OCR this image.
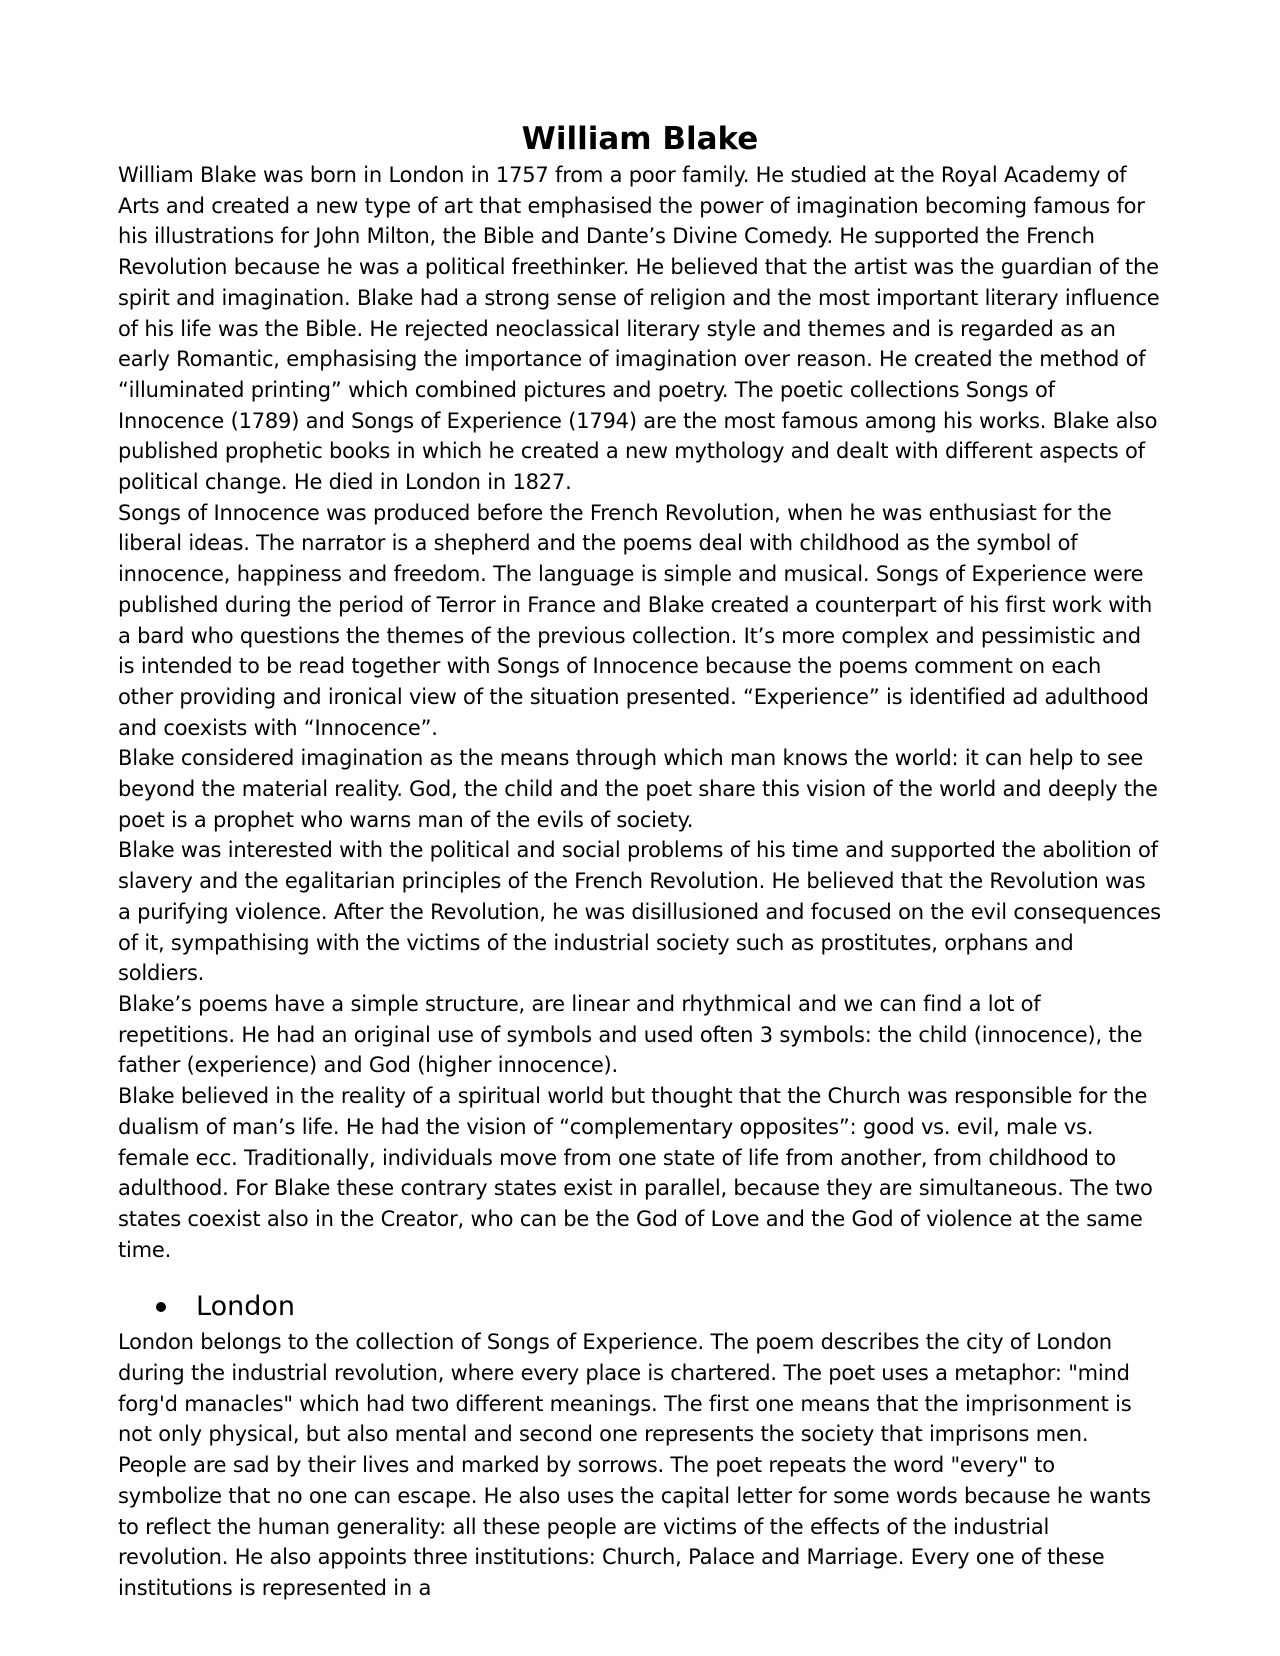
William Blake

William Blake was born in London in 1757 from a poor family. He studied at the Royal Academy of Arts and created a new type of art that emphasised the power of imagination becoming famous for his illustrations for John Milton, the Bible and Dante’s Divine Comedy. He supported the French Revolution because he was a political freethinker. He believed that the artist was the guardian of the spirit and imagination. Blake had a strong sense of religion and the most important literary influence of his life was the Bible. He rejected neoclassical literary style and themes and is regarded as an early Romantic, emphasising the importance of imagination over reason. He created the method of “illuminated printing” which combined pictures and poetry. The poetic collections Songs of Innocence (1789) and Songs of Experience (1794) are the most famous among his works. Blake also published prophetic books in which he created a new mythology and dealt with different aspects of political change. He died in London in 1827.

Songs of Innocence was produced before the French Revolution, when he was enthusiast for the liberal ideas. The narrator is a shepherd and the poems deal with childhood as the symbol of innocence, happiness and freedom. The language is simple and musical. Songs of Experience were published during the period of Terror in France and Blake created a counterpart of his first work with a bard who questions the themes of the previous collection. It’s more complex and pessimistic and is intended to be read together with Songs of Innocence because the poems comment on each other providing and ironical view of the situation presented. “Experience” is identified ad adulthood and coexists with “Innocence”.

Blake considered imagination as the means through which man knows the world: it can help to see beyond the material reality. God, the child and the poet share this vision of the world and deeply the poet is a prophet who warns man of the evils of society.

Blake was interested with the political and social problems of his time and supported the abolition of slavery and the egalitarian principles of the French Revolution. He believed that the Revolution was a purifying violence. After the Revolution, he was disillusioned and focused on the evil consequences of it, sympathising with the victims of the industrial society such as prostitutes, orphans and soldiers.

Blake’s poems have a simple structure, are linear and rhythmical and we can find a lot of repetitions. He had an original use of symbols and used often 3 symbols: the child (innocence), the father (experience) and God (higher innocence).

Blake believed in the reality of a spiritual world but thought that the Church was responsible for the dualism of man’s life. He had the vision of “complementary opposites”: good vs. evil, male vs. female ecc. Traditionally, individuals move from one state of life from another, from childhood to adulthood. For Blake these contrary states exist in parallel, because they are simultaneous. The two states coexist also in the Creator, who can be the God of Love and the God of violence at the same time.

London

London belongs to the collection of Songs of Experience. The poem describes the city of London during the industrial revolution, where every place is chartered. The poet uses a metaphor: "mind forg'd manacles" which had two different meanings. The first one means that the imprisonment is not only physical, but also mental and second one represents the society that imprisons men. People are sad by their lives and marked by sorrows. The poet repeats the word "every" to symbolize that no one can escape. He also uses the capital letter for some words because he wants to reflect the human generality: all these people are victims of the effects of the industrial revolution. He also appoints three institutions: Church, Palace and Marriage. Every one of these institutions is represented in a
